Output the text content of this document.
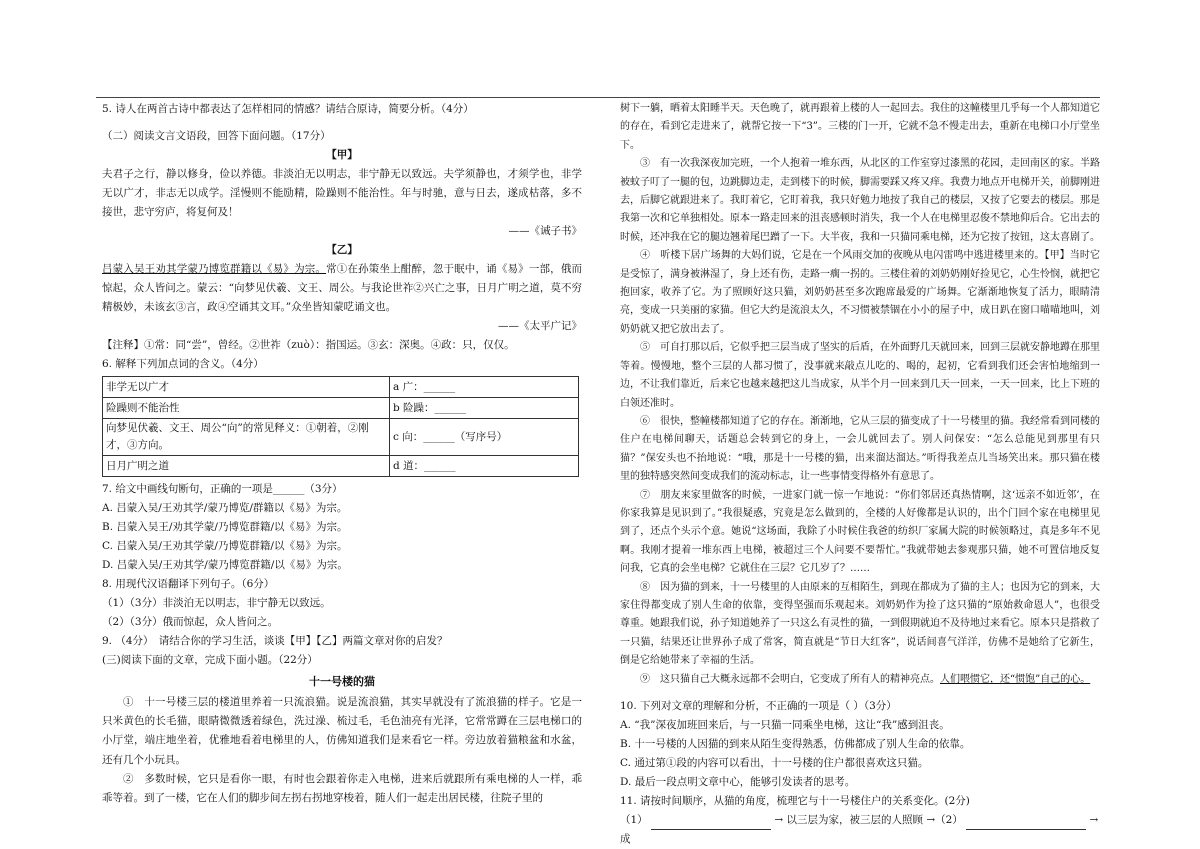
5. 诗人在两首古诗中都表达了怎样相同的情感？请结合原诗，简要分析。（4分）

（二）阅读文言文语段，回答下面问题。（17分）

【甲】

夫君子之行，静以修身，俭以养德。非淡泊无以明志，非宁静无以致远。夫学须静也，才须学也，非学无以广才，非志无以成学。淫慢则不能励精，险躁则不能治性。年与时驰，意与日去，遂成枯落，多不接世，悲守穷庐，将复何及！

——《诫子书》

【乙】

吕蒙入吴王劝其学蒙乃博览群籍以《易》为宗。常①在孙策坐上酣醉，忽于眠中，诵《易》一部，俄而惊起，众人皆问之。蒙云：“向梦见伏羲、文王、周公。与我论世祚②兴亡之事，日月广明之道，莫不穷精极妙，未该玄③言，政④空诵其文耳。”众坐皆知蒙呓诵文也。

——《太平广记》

【注释】①常：同“尝”，曾经。②世祚（zuò）：指国运。③玄：深奥。④政：只，仅仅。

6. 解释下列加点词的含义。（4分）

非学无以广才	a 广：______
险躁则不能治性	b 险躁：______
向梦见伏羲、文王、周公“向”的常见释义：①朝着，②刚才，③方向。	c 向：______（写序号）
日月广明之道	d 道：______

7. 给文中画线句断句，正确的一项是______（3分）

A. 吕蒙入吴/王劝其学/蒙乃博览/群籍以《易》为宗。

B. 吕蒙入吴王/劝其学蒙/乃博览群籍/以《易》为宗。

C. 吕蒙入吴/王劝其学蒙/乃博览群籍/以《易》为宗。

D. 吕蒙入吴/王劝其学/蒙乃博览群籍/以《易》为宗。

8. 用现代汉语翻译下列句子。（6分）

（1）（3分）非淡泊无以明志，非宁静无以致远。

（2）（3分）俄而惊起，众人皆问之。

9. （4分）　请结合你的学习生活，谈谈【甲】【乙】两篇文章对你的启发？

(三)阅读下面的文章，完成下面小题。（22分）

十一号楼的猫

①　十一号楼三层的楼道里养着一只流浪猫。说是流浪猫，其实早就没有了流浪猫的样子。它是一只米黄色的长毛猫，眼睛微微透着绿色，洗过澡、梳过毛，毛色油亮有光泽，它常常蹲在三层电梯口的小厅堂，端庄地坐着，优雅地看着电梯里的人，仿佛知道我们是来看它一样。旁边放着猫粮盆和水盆，还有几个小玩具。

②　多数时候，它只是看你一眼，有时也会跟着你走入电梯，进来后就跟所有乘电梯的人一样，乖乖等着。到了一楼，它在人们的脚步间左拐右拐地穿梭着，随人们一起走出居民楼，往院子里的

树下一躺，晒着太阳睡半天。天色晚了，就再跟着上楼的人一起回去。我住的这幢楼里几乎每一个人都知道它的存在，看到它走进来了，就帮它按一下“3”。三楼的门一开，它就不急不慢走出去，重新在电梯口小厅堂坐下。

③　有一次我深夜加完班，一个人抱着一堆东西，从北区的工作室穿过漆黑的花园，走回南区的家。半路被蚊子叮了一腿的包，边跳脚边走，走到楼下的时候，脚需要踩又疼又痒。我费力地点开电梯开关，前脚刚进去，后脚它就跟进来了。我盯着它，它盯着我，我只好勉力地按了我自己的楼层，又按了它要去的楼层。那是我第一次和它单独相处。原本一路走回来的沮丧感顿时消失，我一个人在电梯里忍俊不禁地仰后合。它出去的时候，还冲我在它的腿边翘着尾巴蹭了一下。大半夜，我和一只猫同乘电梯，还为它按了按钮，这太喜剧了。

④　听楼下居广场舞的大妈们说，它是在一个风雨交加的夜晚从电闪雷鸣中逃进楼里来的。【甲】当时它是受惊了，满身被淋湿了，身上还有伤，走路一瘸一拐的。三楼住着的刘奶奶刚好捡见它，心生怜悯，就把它抱回家，收养了它。为了照顾好这只猫，刘奶奶甚至多次跑席最爱的广场舞。它渐渐地恢复了活力，眼睛清亮，变成一只美丽的家猫。但它大约是流浪太久，不习惯被禁锢在小小的屋子中，成日趴在窗口喵喵地叫，刘奶奶就又把它放出去了。

⑤　可自打那以后，它似乎把三层当成了坚实的后盾，在外面野几天就回来，回到三层就安静地蹲在那里等着。慢慢地，整个三层的人都习惯了，没事就来敲点儿吃的、喝的，起初，它看到我们还会害怕地缩到一边，不让我们靠近，后来它也越来越把这儿当成家，从半个月一回来到几天一回来，一天一回来，比上下班的白领还准时。

⑥　很快，整幢楼都知道了它的存在。渐渐地，它从三层的猫变成了十一号楼里的猫。我经常看到同楼的住户在电梯间聊天，话题总会转到它的身上，一会儿就回去了。别人问保安：“怎么总能见到那里有只猫？”保安头也不抬地说：“哦，那是十一号楼的猫，出来溜达溜达。”听得我差点儿当场笑出来。那只猫在楼里的独特感突然间变成我们的流动标志，让一些事情变得格外有意思了。

⑦　朋友来家里做客的时候，一进家门就一惊一乍地说：“你们邻居还真热情啊，这‘远亲不如近邻’，在你家我算是见识到了。”我很疑惑，究竟是怎么做到的，全楼的人好像都是认识的，出个门回个家在电梯里见到了，还点个头示个意。她说“这场面，我除了小时候住我爸的纺织厂家属大院的时候领略过，真是多年不见啊。我刚才提着一堆东西上电梯，被超过三个人问要不要帮忙。”我就带她去参观那只猫，她不可置信地反复问我，它真的会坐电梯？它就住在三层？它几岁了？……

⑧　因为猫的到来，十一号楼里的人由原来的互相陌生，到现在都成为了猫的主人；也因为它的到来，大家住得都变成了别人生命的依靠，变得坚强而乐观起来。刘奶奶作为捡了这只猫的“原始救命恩人”，也很受尊重。她跟我们说，孙子知道她养了一只这么有灵性的猫，一到假期就迫不及待地过来看它。原本只是搭救了一只猫，结果还让世界孙子成了常客，简直就是“节日大红客”，说话间喜气洋洋，仿佛不是她给了它新生，倒是它给她带来了幸福的生活。

⑨　这只猫自己大概永远都不会明白，它变成了所有人的精神亮点。人们喂惯它，还“惯饱”自己的心。

10. 下列对文章的理解和分析，不正确的一项是（ ）（3分）

A. “我”深夜加班回来后，与一只猫一同乘坐电梯，这让“我”感到沮丧。

B. 十一号楼的人因猫的到来从陌生变得熟悉，仿佛都成了别人生命的依靠。

C. 通过第①段的内容可以看出，十一号楼的住户都很喜欢这只猫。

D. 最后一段点明文章中心，能够引发读者的思考。

11. 请按时间顺序，从猫的角度，梳理它与十一号楼住户的关系变化。(2分)

（1）	→ 以三层为家，被三层的人照顾 →（2）	→ 成
